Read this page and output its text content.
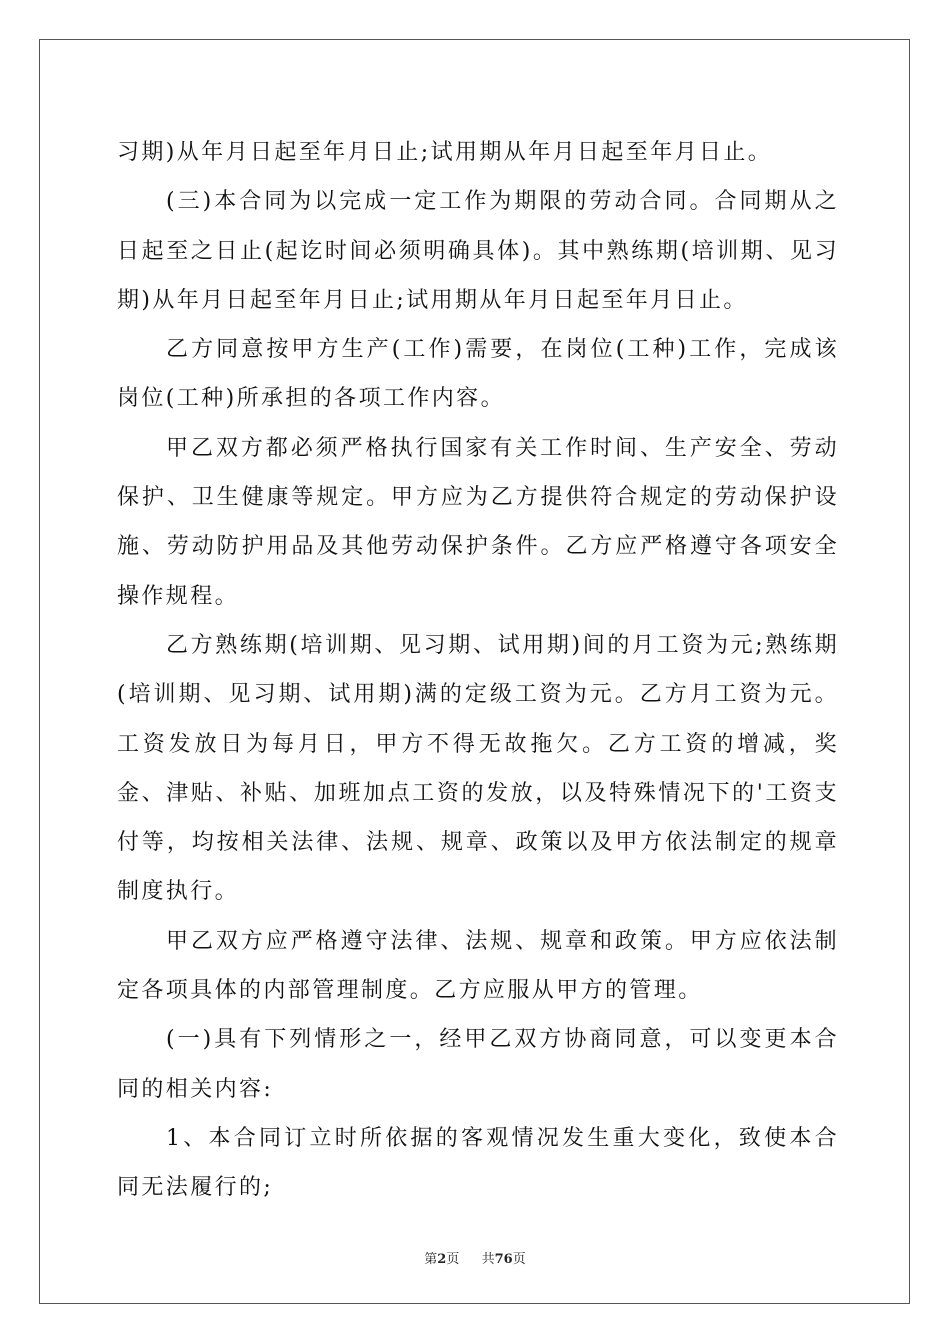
习期)从年月日起至年月日止;试用期从年月日起至年月日止。

(三)本合同为以完成一定工作为期限的劳动合同。合同期从之日起至之日止(起讫时间必须明确具体)。其中熟练期(培训期、见习期)从年月日起至年月日止;试用期从年月日起至年月日止。

乙方同意按甲方生产(工作)需要，在岗位(工种)工作，完成该岗位(工种)所承担的各项工作内容。

甲乙双方都必须严格执行国家有关工作时间、生产安全、劳动保护、卫生健康等规定。甲方应为乙方提供符合规定的劳动保护设施、劳动防护用品及其他劳动保护条件。乙方应严格遵守各项安全操作规程。

乙方熟练期(培训期、见习期、试用期)间的月工资为元;熟练期(培训期、见习期、试用期)满的定级工资为元。乙方月工资为元。工资发放日为每月日，甲方不得无故拖欠。乙方工资的增减，奖金、津贴、补贴、加班加点工资的发放，以及特殊情况下的'工资支付等，均按相关法律、法规、规章、政策以及甲方依法制定的规章制度执行。

甲乙双方应严格遵守法律、法规、规章和政策。甲方应依法制定各项具体的内部管理制度。乙方应服从甲方的管理。

(一)具有下列情形之一，经甲乙双方协商同意，可以变更本合同的相关内容:

1、本合同订立时所依据的客观情况发生重大变化，致使本合同无法履行的;

第2页 共76页
